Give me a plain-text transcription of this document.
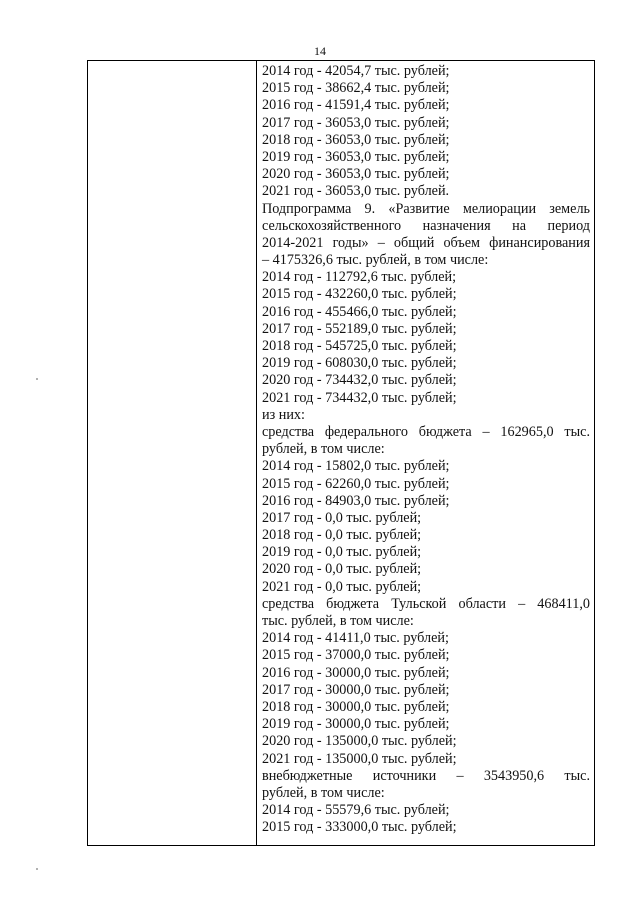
14
2014 год - 42054,7 тыс. рублей;
2015 год - 38662,4 тыс. рублей;
2016 год - 41591,4 тыс. рублей;
2017 год - 36053,0 тыс. рублей;
2018 год - 36053,0 тыс. рублей;
2019 год - 36053,0 тыс. рублей;
2020 год - 36053,0 тыс. рублей;
2021 год - 36053,0 тыс. рублей.
Подпрограмма 9. «Развитие мелиорации земель
сельскохозяйственного назначения на период
2014-2021 годы» – общий объем финансирования
– 4175326,6 тыс. рублей, в том числе:
2014 год - 112792,6 тыс. рублей;
2015 год - 432260,0 тыс. рублей;
2016 год - 455466,0 тыс. рублей;
2017 год - 552189,0 тыс. рублей;
2018 год - 545725,0 тыс. рублей;
2019 год - 608030,0 тыс. рублей;
2020 год - 734432,0 тыс. рублей;
2021 год - 734432,0 тыс. рублей;
из них:
средства федерального бюджета – 162965,0 тыс.
рублей, в том числе:
2014 год - 15802,0 тыс. рублей;
2015 год - 62260,0 тыс. рублей;
2016 год - 84903,0 тыс. рублей;
2017 год - 0,0 тыс. рублей;
2018 год - 0,0 тыс. рублей;
2019 год - 0,0 тыс. рублей;
2020 год - 0,0 тыс. рублей;
2021 год - 0,0 тыс. рублей;
средства бюджета Тульской области – 468411,0
тыс. рублей, в том числе:
2014 год - 41411,0 тыс. рублей;
2015 год - 37000,0 тыс. рублей;
2016 год - 30000,0 тыс. рублей;
2017 год - 30000,0 тыс. рублей;
2018 год - 30000,0 тыс. рублей;
2019 год - 30000,0 тыс. рублей;
2020 год - 135000,0 тыс. рублей;
2021 год - 135000,0 тыс. рублей;
внебюджетные источники – 3543950,6 тыс.
рублей, в том числе:
2014 год - 55579,6 тыс. рублей;
2015 год - 333000,0 тыс. рублей;
